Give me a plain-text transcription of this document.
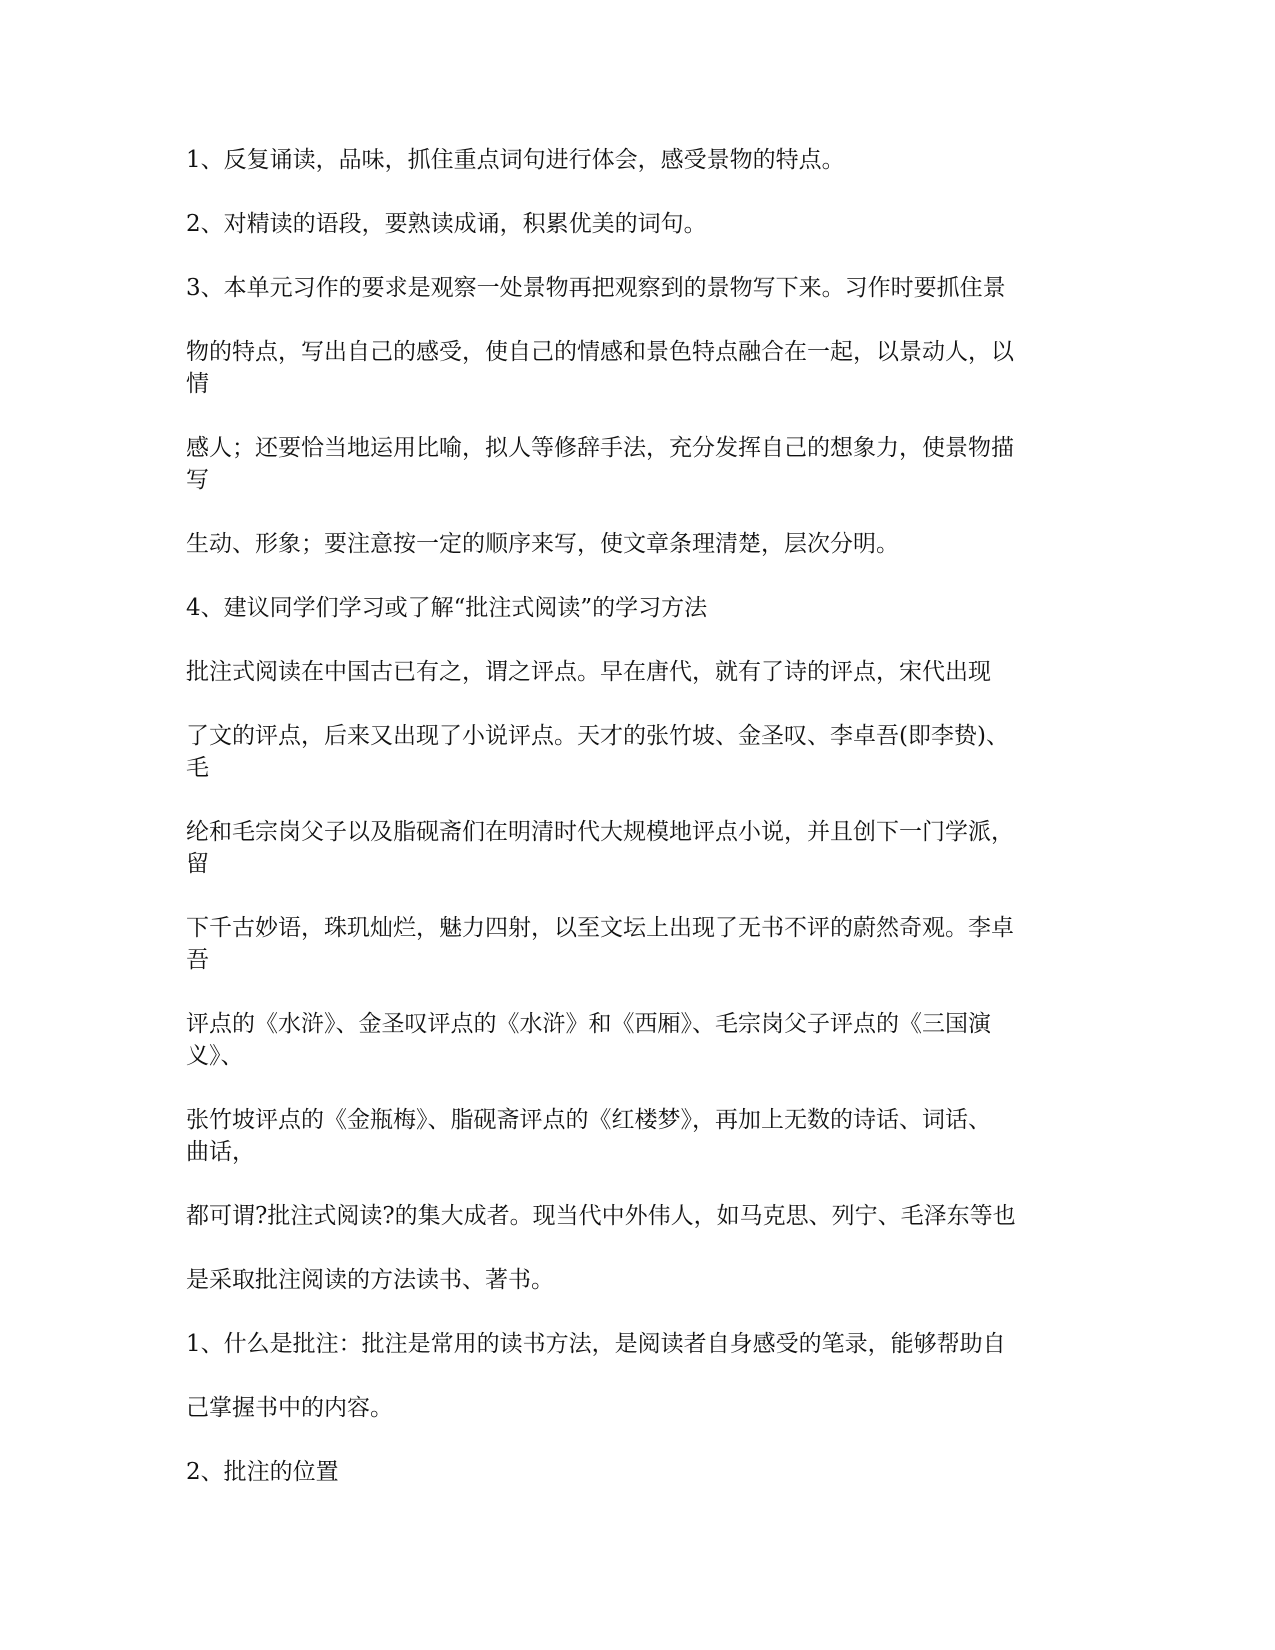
1、反复诵读，品味，抓住重点词句进行体会，感受景物的特点。

2、对精读的语段，要熟读成诵，积累优美的词句。

3、本单元习作的要求是观察一处景物再把观察到的景物写下来。习作时要抓住景

物的特点，写出自己的感受，使自己的情感和景色特点融合在一起，以景动人，以

情

感人；还要恰当地运用比喻，拟人等修辞手法，充分发挥自己的想象力，使景物描

写

生动、形象；要注意按一定的顺序来写，使文章条理清楚，层次分明。

4、建议同学们学习或了解“批注式阅读”的学习方法

批注式阅读在中国古已有之，谓之评点。早在唐代，就有了诗的评点，宋代出现

了文的评点，后来又出现了小说评点。天才的张竹坡、金圣叹、李卓吾(即李贽)、

毛

纶和毛宗岗父子以及脂砚斋们在明清时代大规模地评点小说，并且创下一门学派，

留

下千古妙语，珠玑灿烂，魅力四射，以至文坛上出现了无书不评的蔚然奇观。李卓

吾

评点的《水浒》、金圣叹评点的《水浒》和《西厢》、毛宗岗父子评点的《三国演

义》、

张竹坡评点的《金瓶梅》、脂砚斋评点的《红楼梦》，再加上无数的诗话、词话、

曲话，

都可谓?批注式阅读?的集大成者。现当代中外伟人，如马克思、列宁、毛泽东等也

是采取批注阅读的方法读书、著书。

1、什么是批注：批注是常用的读书方法，是阅读者自身感受的笔录，能够帮助自

己掌握书中的内容。

2、批注的位置
